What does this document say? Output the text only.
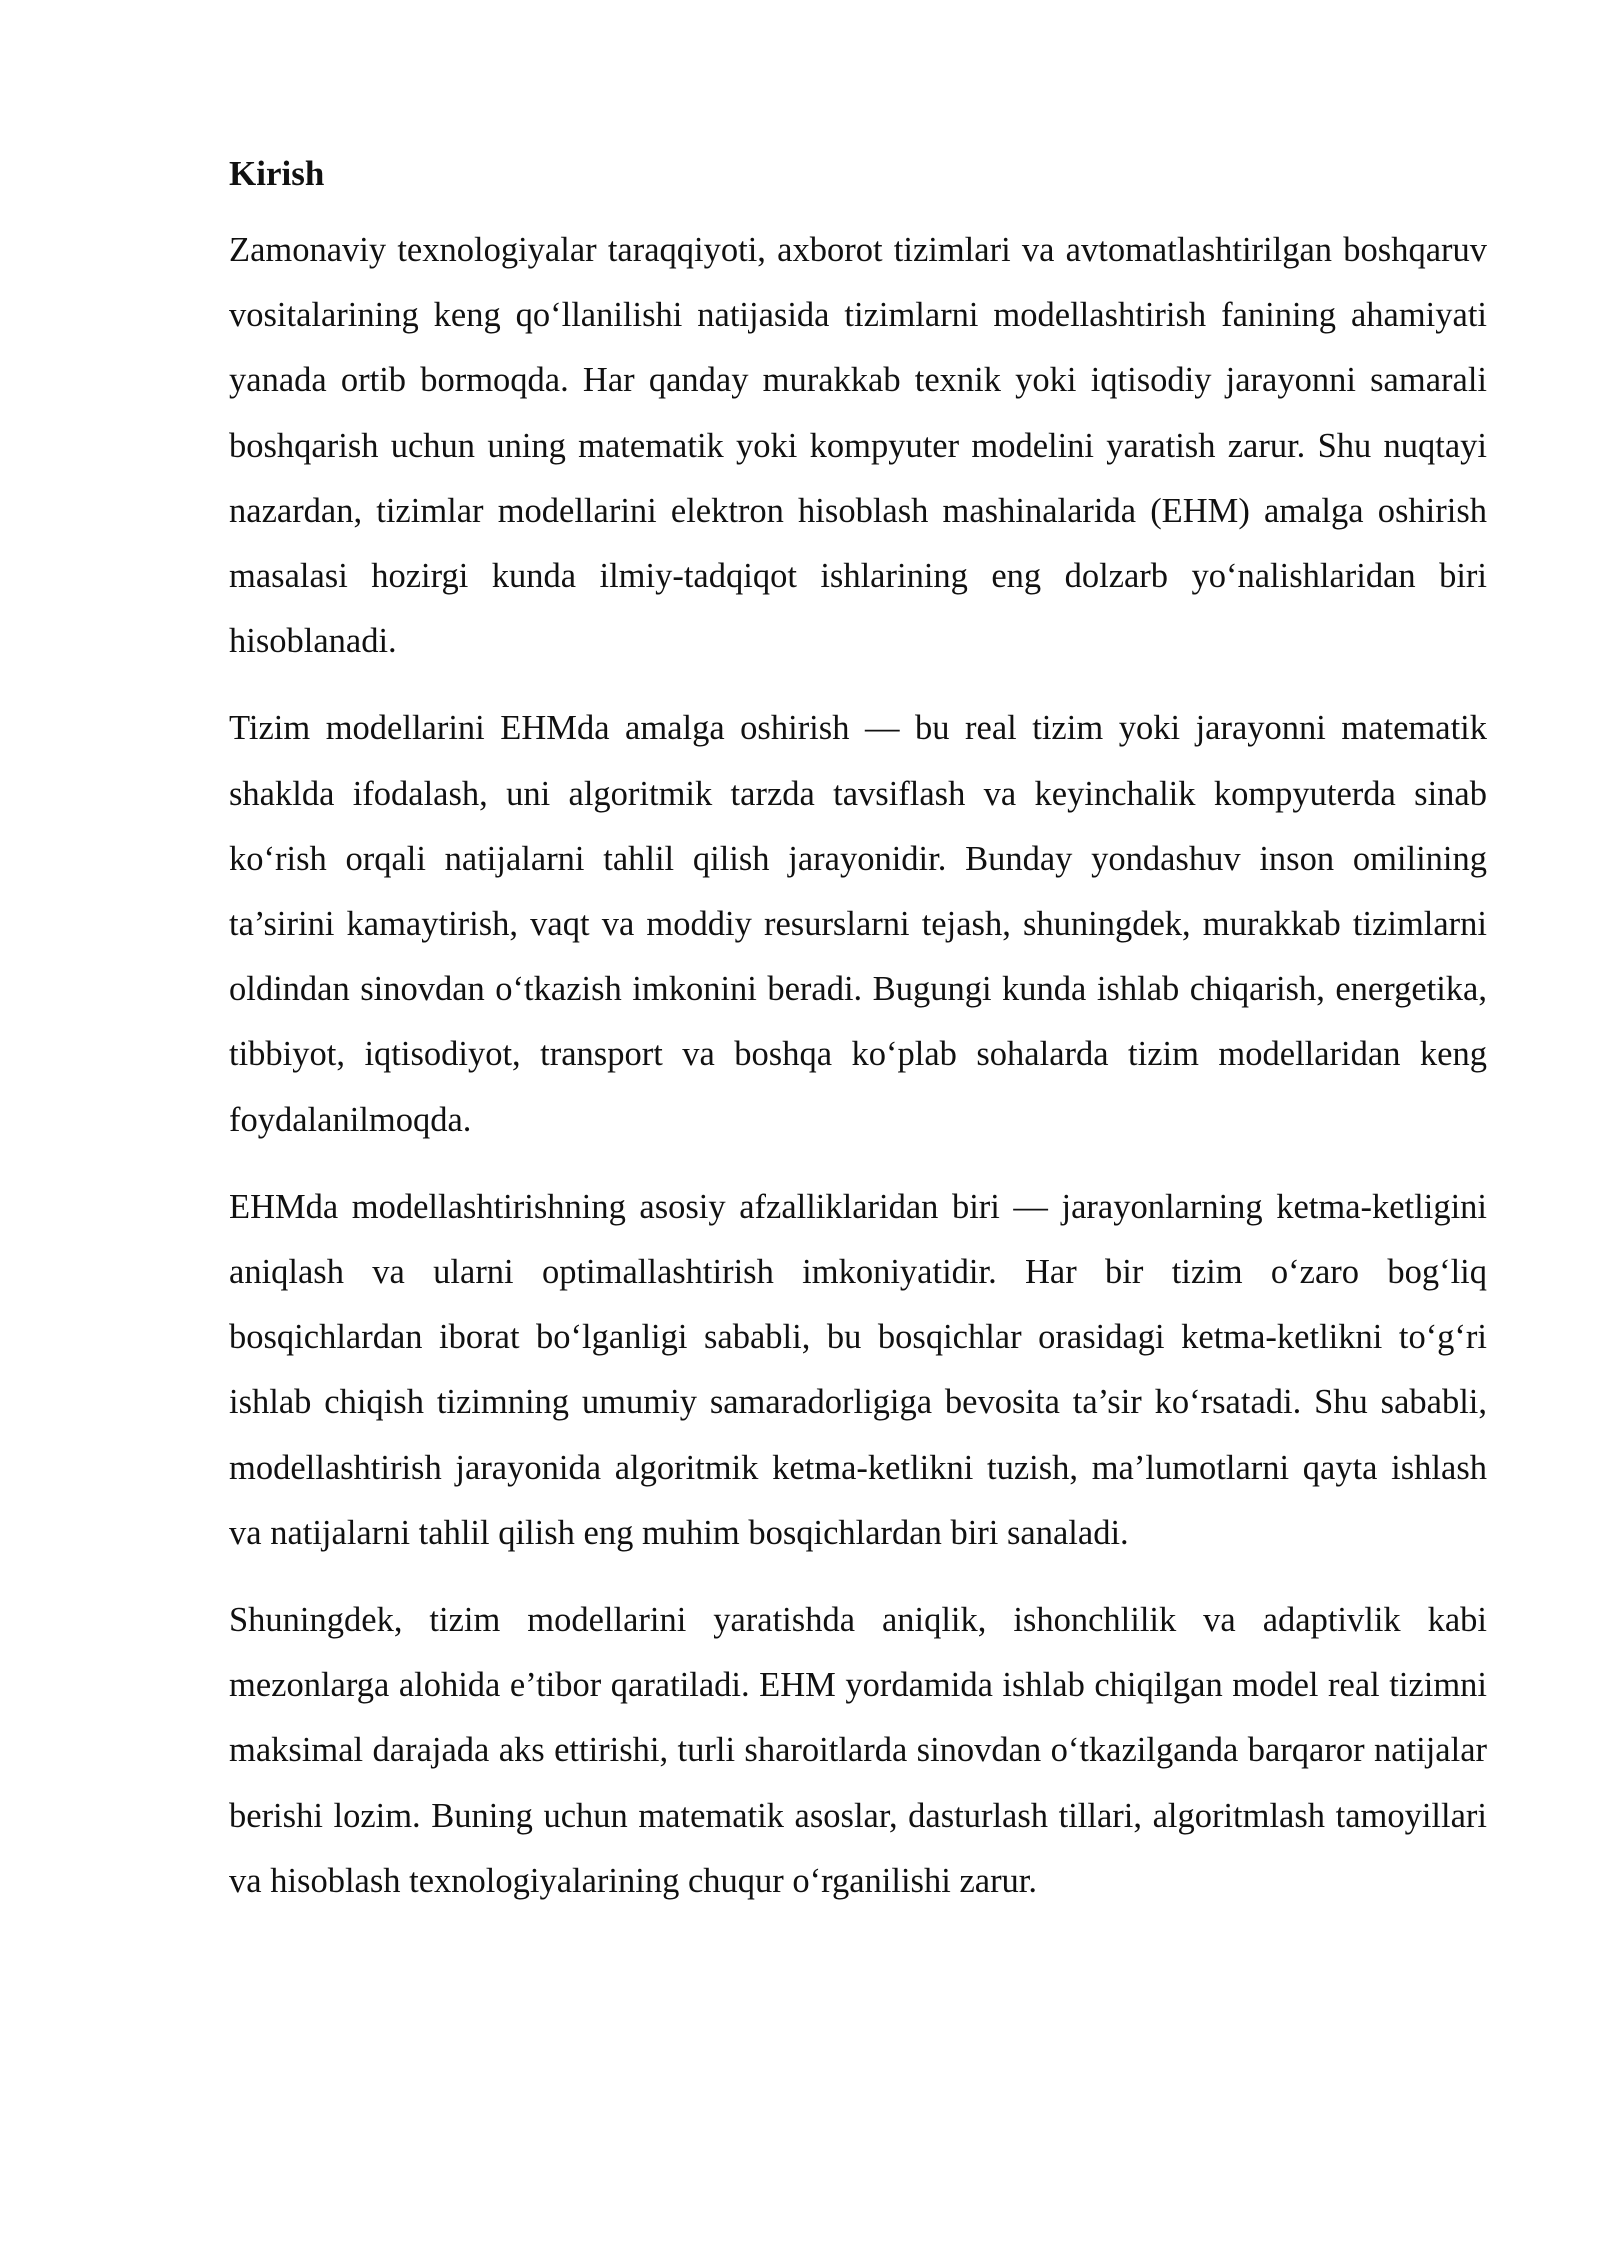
Kirish

Zamonaviy texnologiyalar taraqqiyoti, axborot tizimlari va avtomatlashtirilgan boshqaruv vositalarining keng qo‘llanilishi natijasida tizimlarni modellashtirish fanining ahamiyati yanada ortib bormoqda. Har qanday murakkab texnik yoki iqtisodiy jarayonni samarali boshqarish uchun uning matematik yoki kompyuter modelini yaratish zarur. Shu nuqtayi nazardan, tizimlar modellarini elektron hisoblash mashinalarida (EHM) amalga oshirish masalasi hozirgi kunda ilmiy-tadqiqot ishlarining eng dolzarb yo‘nalishlaridan biri hisoblanadi.

Tizim modellarini EHMda amalga oshirish — bu real tizim yoki jarayonni matematik shaklda ifodalash, uni algoritmik tarzda tavsiflash va keyinchalik kompyuterda sinab ko‘rish orqali natijalarni tahlil qilish jarayonidir. Bunday yondashuv inson omilining ta’sirini kamaytirish, vaqt va moddiy resurslarni tejash, shuningdek, murakkab tizimlarni oldindan sinovdan o‘tkazish imkonini beradi. Bugungi kunda ishlab chiqarish, energetika, tibbiyot, iqtisodiyot, transport va boshqa ko‘plab sohalarda tizim modellaridan keng foydalanilmoqda.

EHMda modellashtirishning asosiy afzalliklaridan biri — jarayonlarning ketma-ketligini aniqlash va ularni optimallashtirish imkoniyatidir. Har bir tizim o‘zaro bog‘liq bosqichlardan iborat bo‘lganligi sababli, bu bosqichlar orasidagi ketma-ketlikni to‘g‘ri ishlab chiqish tizimning umumiy samaradorligiga bevosita ta’sir ko‘rsatadi. Shu sababli, modellashtirish jarayonida algoritmik ketma-ketlikni tuzish, ma’lumotlarni qayta ishlash va natijalarni tahlil qilish eng muhim bosqichlardan biri sanaladi.

Shuningdek, tizim modellarini yaratishda aniqlik, ishonchlilik va adaptivlik kabi mezonlarga alohida e’tibor qaratiladi. EHM yordamida ishlab chiqilgan model real tizimni maksimal darajada aks ettirishi, turli sharoitlarda sinovdan o‘tkazilganda barqaror natijalar berishi lozim. Buning uchun matematik asoslar, dasturlash tillari, algoritmlash tamoyillari va hisoblash texnologiyalarining chuqur o‘rganilishi zarur.
